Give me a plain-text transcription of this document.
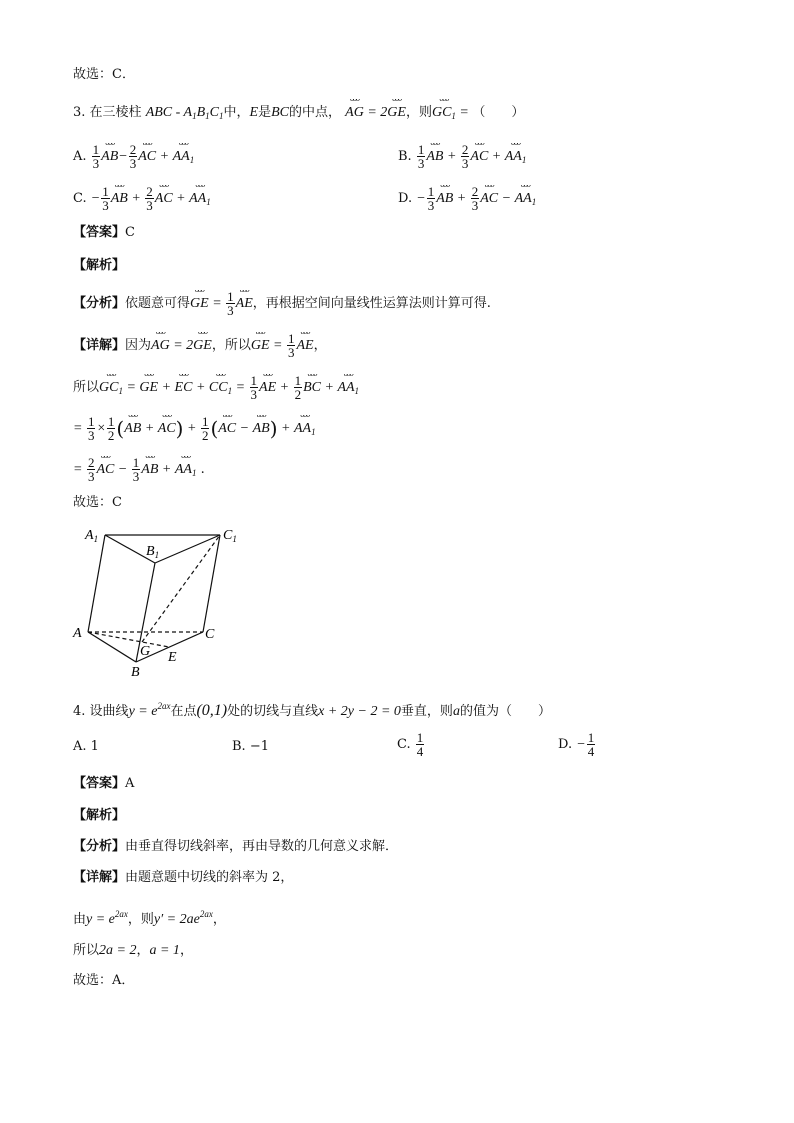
故选：C．
3. 在三棱柱 ABC - $A_1B_1C_1$中，E是BC的中点，
ᴗᴗᴗ
AG = 2
ᴗᴗᴗ
GE，则
ᴗᴗᴗ
$GC_1$ = （　　）
A. $\frac{1}{3}$
ᴗᴗᴗ
$AB- \frac{2}{3}$
ᴗᴗᴗ
AC +
ᴗᴗᴗ
$AA_1$	B. $\frac{1}{3}$
ᴗᴗᴗ
AB + $\frac{2}{3}$
ᴗᴗᴗ
AC +
ᴗᴗᴗ
$AA_1$
C. − $\frac{1}{3}$
ᴗᴗᴗ
AB + $\frac{2}{3}$
ᴗᴗᴗ
AC +
ᴗᴗᴗ
$AA_1$	D. − $\frac{1}{3}$
ᴗᴗᴗ
AB + $\frac{2}{3}$
ᴗᴗᴗ
AC −
ᴗᴗᴗ
$AA_1$
【答案】C
【解析】
【分析】依题意可得
ᴗᴗᴗ
GE = $\frac{1}{3}$
ᴗᴗᴗ
AE，再根据空间向量线性运算法则计算可得.
【详解】因为
ᴗᴗᴗ
AG = 2
ᴗᴗᴗ
GE，所以
ᴗᴗᴗ
GE = $\frac{1}{3}$
ᴗᴗᴗ
AE，
所以
ᴗᴗᴗ
$GC_1$ =
ᴗᴗᴗ
GE +
ᴗᴗᴗ
EC +
ᴗᴗᴗ
$CC_1 = \frac{1}{3}$
ᴗᴗᴗ
AE + $\frac{1}{2}$
ᴗᴗᴗ
BC +
ᴗᴗᴗ
$AA_1$
= $\frac{1}{3} \times \frac{1}{2}$ (
ᴗᴗᴗ
AB +
ᴗᴗᴗ
$AC) + \frac{1}{2}$ (
ᴗᴗᴗ
AC −
ᴗᴗᴗ
AB) +
ᴗᴗᴗ
$AA_1$
= $\frac{2}{3}$
ᴗᴗᴗ
AC − $\frac{1}{3}$
ᴗᴗᴗ
AB +
ᴗᴗᴗ
$AA_1$ .
故选：C
$A_1$
$B_1$
$C_1$
A	C
B
G E
4. 设曲线$y = e^{2ax}$在点(0,1)处的切线与直线x + 2y − 2 = 0垂直，则a的值为（　　）
A. 1	B. −1	C. $\frac{1}{4}$	D. − $\frac{1}{4}$
【答案】A
【解析】
【分析】由垂直得切线斜率，再由导数的几何意义求解．
【详解】由题意题中切线的斜率为 2，
由$y = e^{2ax}$，则$y' = 2ae^{2ax}$，
所以2a = 2，a = 1，
故选：A．
